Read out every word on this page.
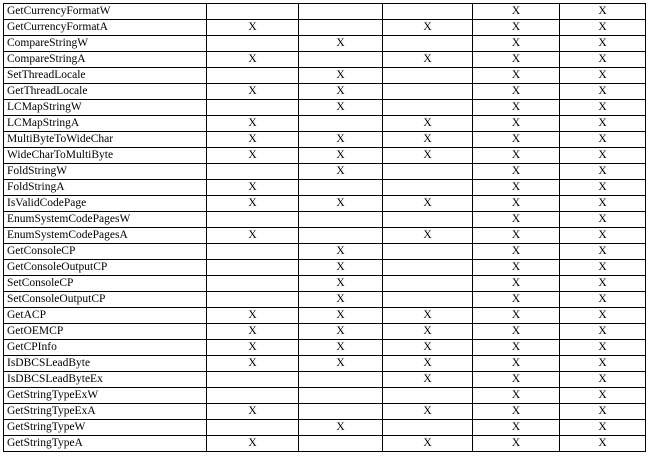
GetCurrencyFormatW				X	X
GetCurrencyFormatA	X		X	X	X
CompareStringW		X		X	X
CompareStringA	X		X	X	X
SetThreadLocale		X		X	X
GetThreadLocale	X	X		X	X
LCMapStringW		X		X	X
LCMapStringA	X		X	X	X
MultiByteToWideChar	X	X	X	X	X
WideCharToMultiByte	X	X	X	X	X
FoldStringW		X		X	X
FoldStringA	X			X	X
IsValidCodePage	X	X	X	X	X
EnumSystemCodePagesW				X	X
EnumSystemCodePagesA	X		X	X	X
GetConsoleCP		X		X	X
GetConsoleOutputCP		X		X	X
SetConsoleCP		X		X	X
SetConsoleOutputCP		X		X	X
GetACP	X	X	X	X	X
GetOEMCP	X	X	X	X	X
GetCPInfo	X	X	X	X	X
IsDBCSLeadByte	X	X	X	X	X
IsDBCSLeadByteEx			X	X	X
GetStringTypeExW				X	X
GetStringTypeExA	X		X	X	X
GetStringTypeW		X		X	X
GetStringTypeA	X		X	X	X
